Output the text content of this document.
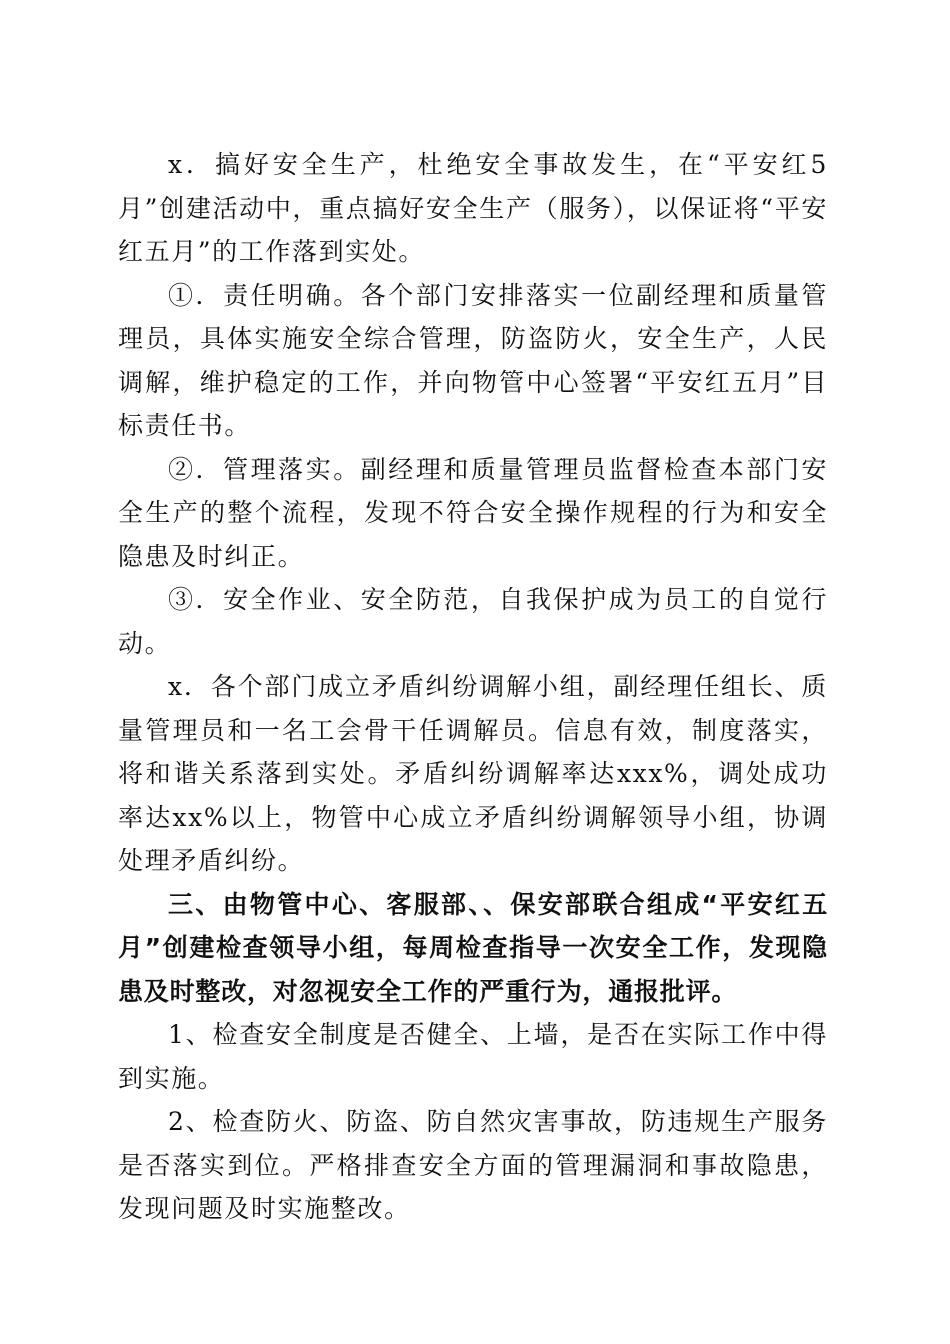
x．搞好安全生产，杜绝安全事故发生，在“平安红5月”创建活动中，重点搞好安全生产（服务），以保证将“平安红五月”的工作落到实处。

①．责任明确。各个部门安排落实一位副经理和质量管理员，具体实施安全综合管理，防盗防火，安全生产，人民调解，维护稳定的工作，并向物管中心签署“平安红五月”目标责任书。

②．管理落实。副经理和质量管理员监督检查本部门安全生产的整个流程，发现不符合安全操作规程的行为和安全隐患及时纠正。

③．安全作业、安全防范，自我保护成为员工的自觉行动。

x．各个部门成立矛盾纠纷调解小组，副经理任组长、质量管理员和一名工会骨干任调解员。信息有效，制度落实，将和谐关系落到实处。矛盾纠纷调解率达xxx%，调处成功率达xx%以上，物管中心成立矛盾纠纷调解领导小组，协调处理矛盾纠纷。

三、由物管中心、客服部、、保安部联合组成“平安红五月”创建检查领导小组，每周检查指导一次安全工作，发现隐患及时整改，对忽视安全工作的严重行为，通报批评。

1、检查安全制度是否健全、上墙，是否在实际工作中得到实施。

2、检查防火、防盗、防自然灾害事故，防违规生产服务是否落实到位。严格排查安全方面的管理漏洞和事故隐患，发现问题及时实施整改。
